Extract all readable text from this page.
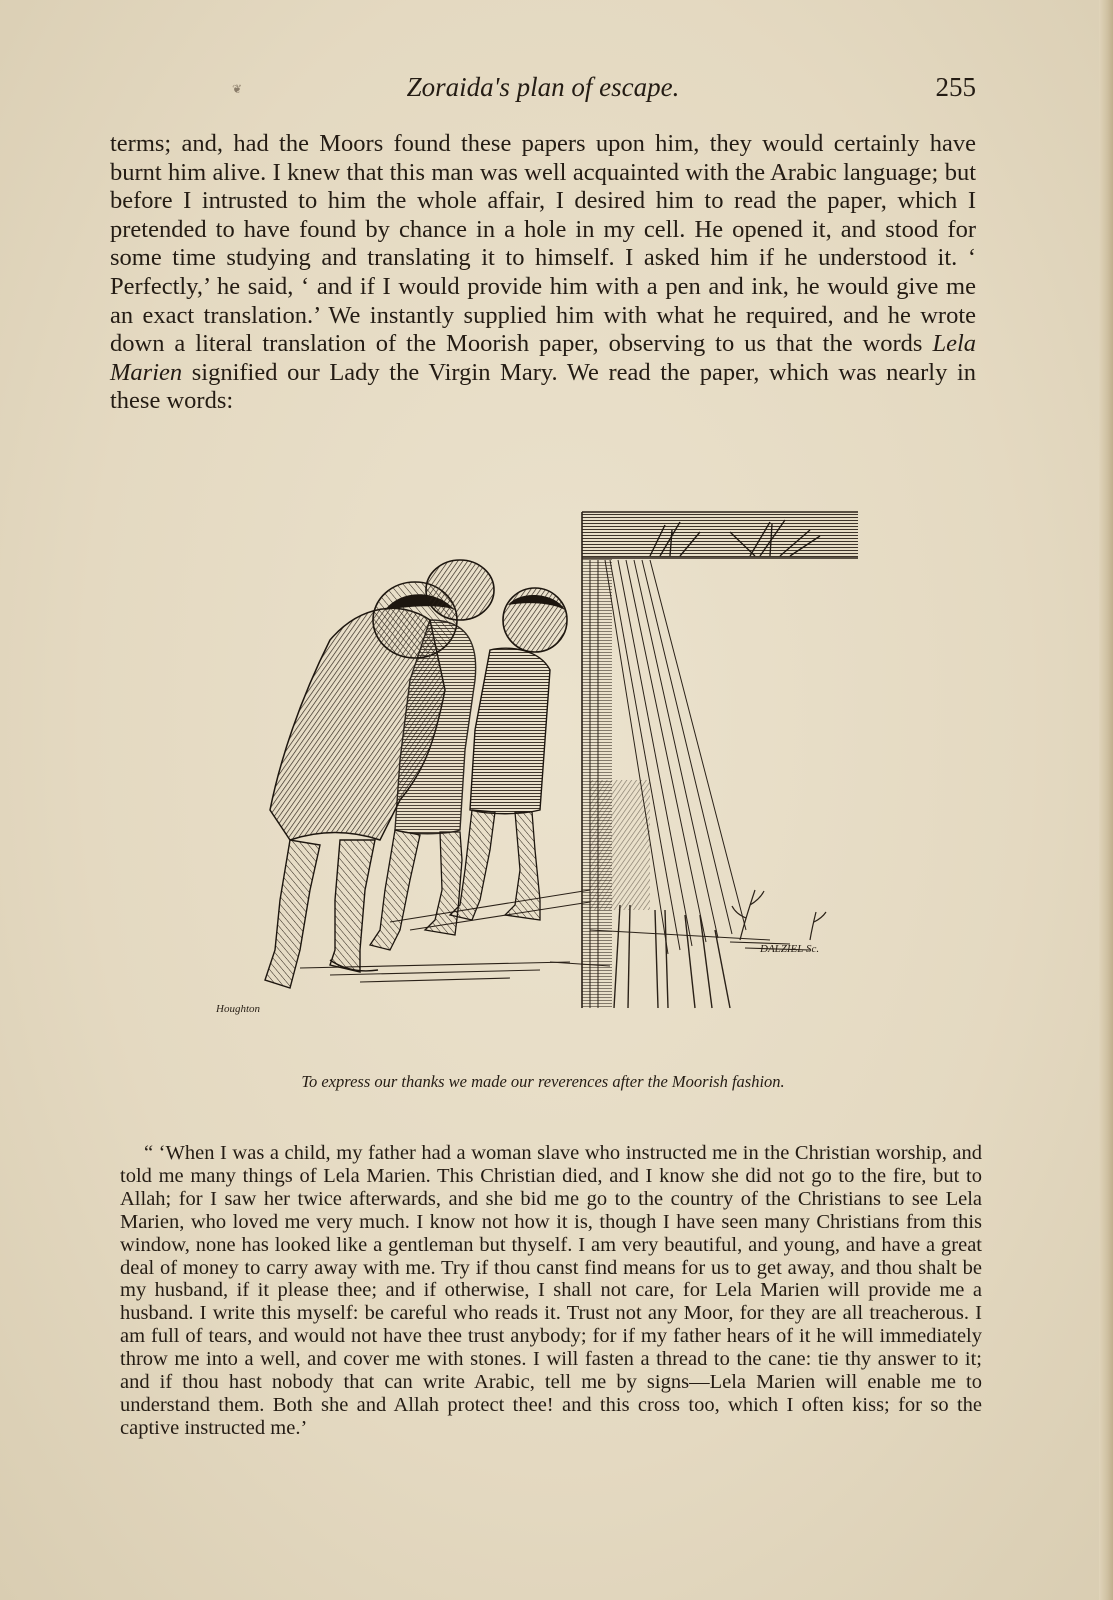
❦	Zoraida's plan of escape.	255

terms; and, had the Moors found these papers upon him, they would certainly have burnt him alive. I knew that this man was well acquainted with the Arabic language; but before I intrusted to him the whole affair, I desired him to read the paper, which I pretended to have found by chance in a hole in my cell. He opened it, and stood for some time studying and translating it to himself. I asked him if he understood it. ‘ Perfectly,’ he said, ‘ and if I would provide him with a pen and ink, he would give me an exact translation.’ We instantly supplied him with what he required, and he wrote down a literal translation of the Moorish paper, observing to us that the words Lela Marien signified our Lady the Virgin Mary. We read the paper, which was nearly in these words:

Houghton
DALZIEL Sc.
To express our thanks we made our reverences after the Moorish fashion.

“ ‘When I was a child, my father had a woman slave who instructed me in the Christian worship, and told me many things of Lela Marien. This Christian died, and I know she did not go to the fire, but to Allah; for I saw her twice afterwards, and she bid me go to the country of the Christians to see Lela Marien, who loved me very much. I know not how it is, though I have seen many Christians from this window, none has looked like a gentleman but thyself. I am very beautiful, and young, and have a great deal of money to carry away with me. Try if thou canst find means for us to get away, and thou shalt be my husband, if it please thee; and if otherwise, I shall not care, for Lela Marien will provide me a husband. I write this myself: be careful who reads it. Trust not any Moor, for they are all treacherous. I am full of tears, and would not have thee trust anybody; for if my father hears of it he will immediately throw me into a well, and cover me with stones. I will fasten a thread to the cane: tie thy answer to it; and if thou hast nobody that can write Arabic, tell me by signs—Lela Marien will enable me to understand them. Both she and Allah protect thee! and this cross too, which I often kiss; for so the captive instructed me.’
